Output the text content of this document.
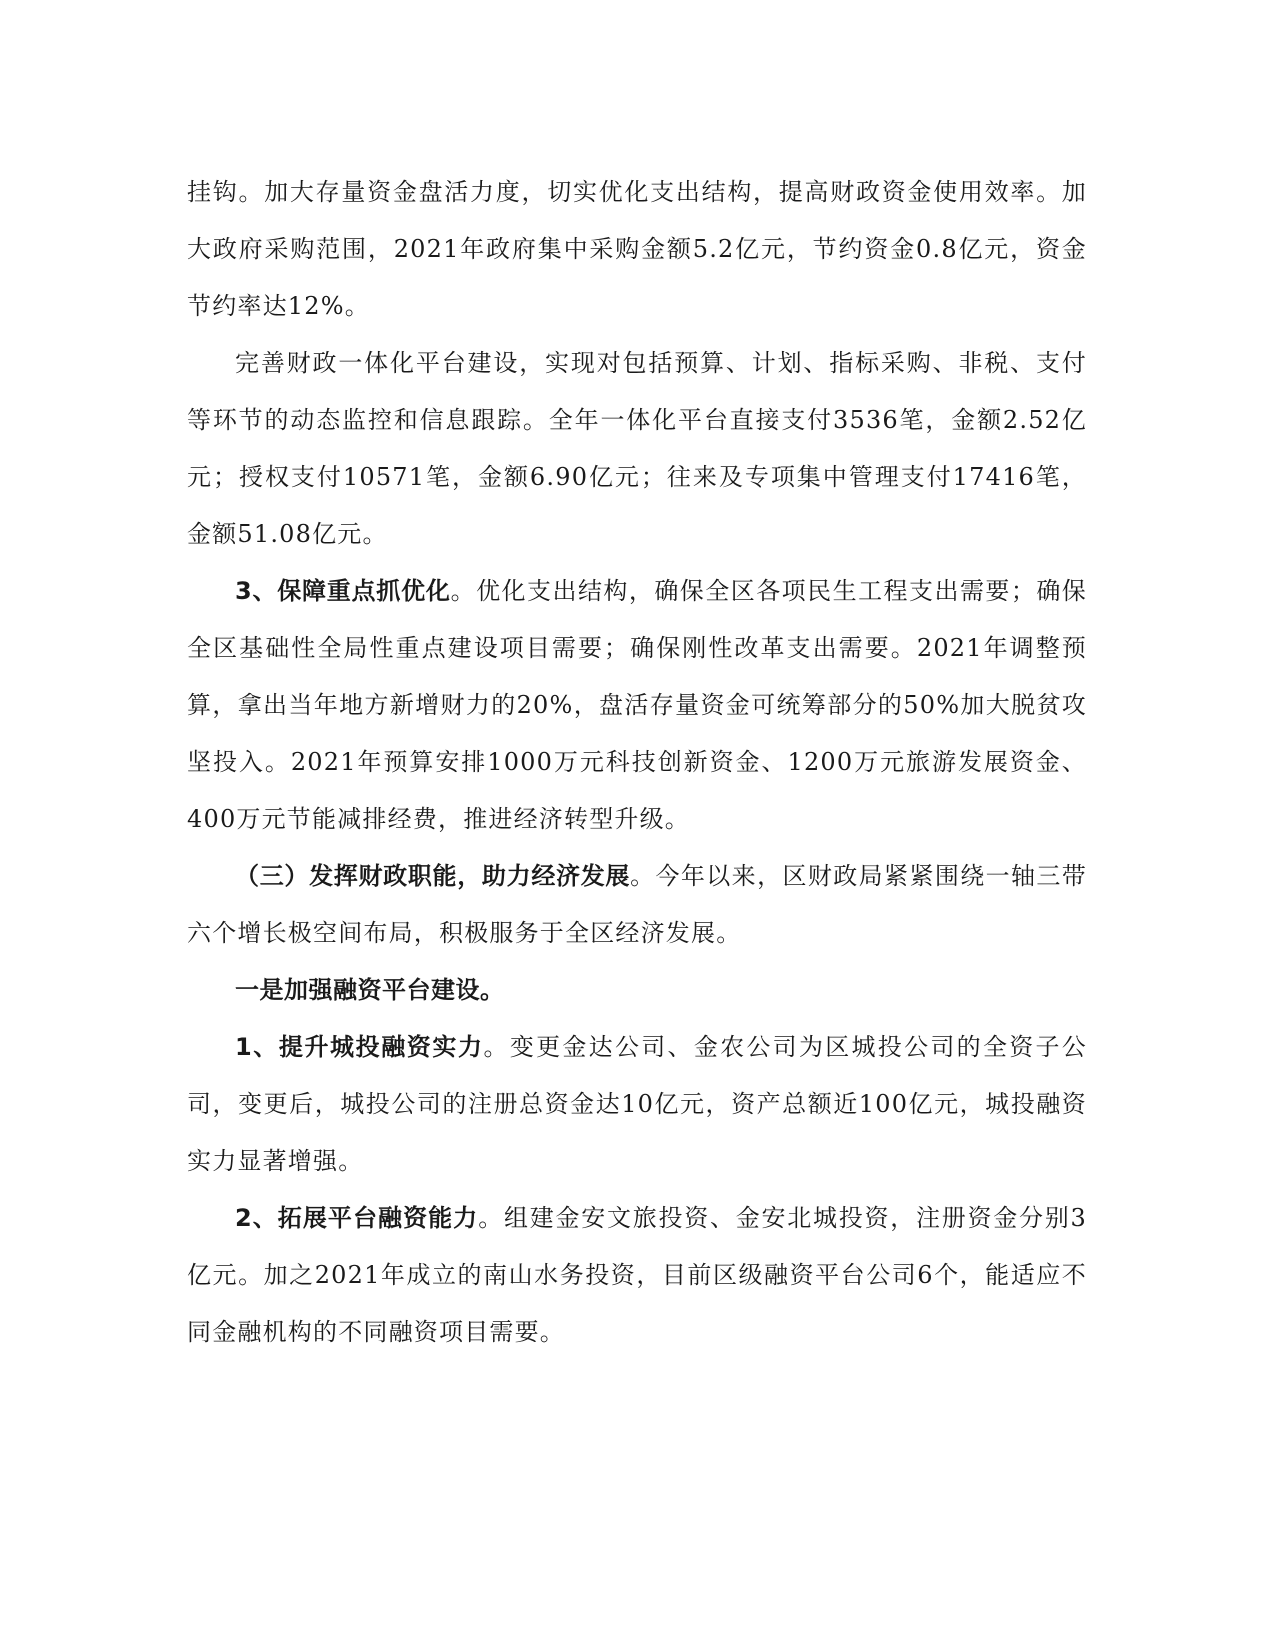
挂钩。加大存量资金盘活力度，切实优化支出结构，提高财政资金使用效率。加大政府采购范围，2021年政府集中采购金额5.2亿元，节约资金0.8亿元，资金节约率达12%。

完善财政一体化平台建设，实现对包括预算、计划、指标采购、非税、支付等环节的动态监控和信息跟踪。全年一体化平台直接支付3536笔，金额2.52亿元；授权支付10571笔，金额6.90亿元；往来及专项集中管理支付17416笔，金额51.08亿元。

3、保障重点抓优化。优化支出结构，确保全区各项民生工程支出需要；确保全区基础性全局性重点建设项目需要；确保刚性改革支出需要。2021年调整预算，拿出当年地方新增财力的20%，盘活存量资金可统筹部分的50%加大脱贫攻坚投入。2021年预算安排1000万元科技创新资金、1200万元旅游发展资金、400万元节能减排经费，推进经济转型升级。

（三）发挥财政职能，助力经济发展。今年以来，区财政局紧紧围绕一轴三带六个增长极空间布局，积极服务于全区经济发展。

一是加强融资平台建设。

1、提升城投融资实力。变更金达公司、金农公司为区城投公司的全资子公司，变更后，城投公司的注册总资金达10亿元，资产总额近100亿元，城投融资实力显著增强。

2、拓展平台融资能力。组建金安文旅投资、金安北城投资，注册资金分别3亿元。加之2021年成立的南山水务投资，目前区级融资平台公司6个，能适应不同金融机构的不同融资项目需要。
